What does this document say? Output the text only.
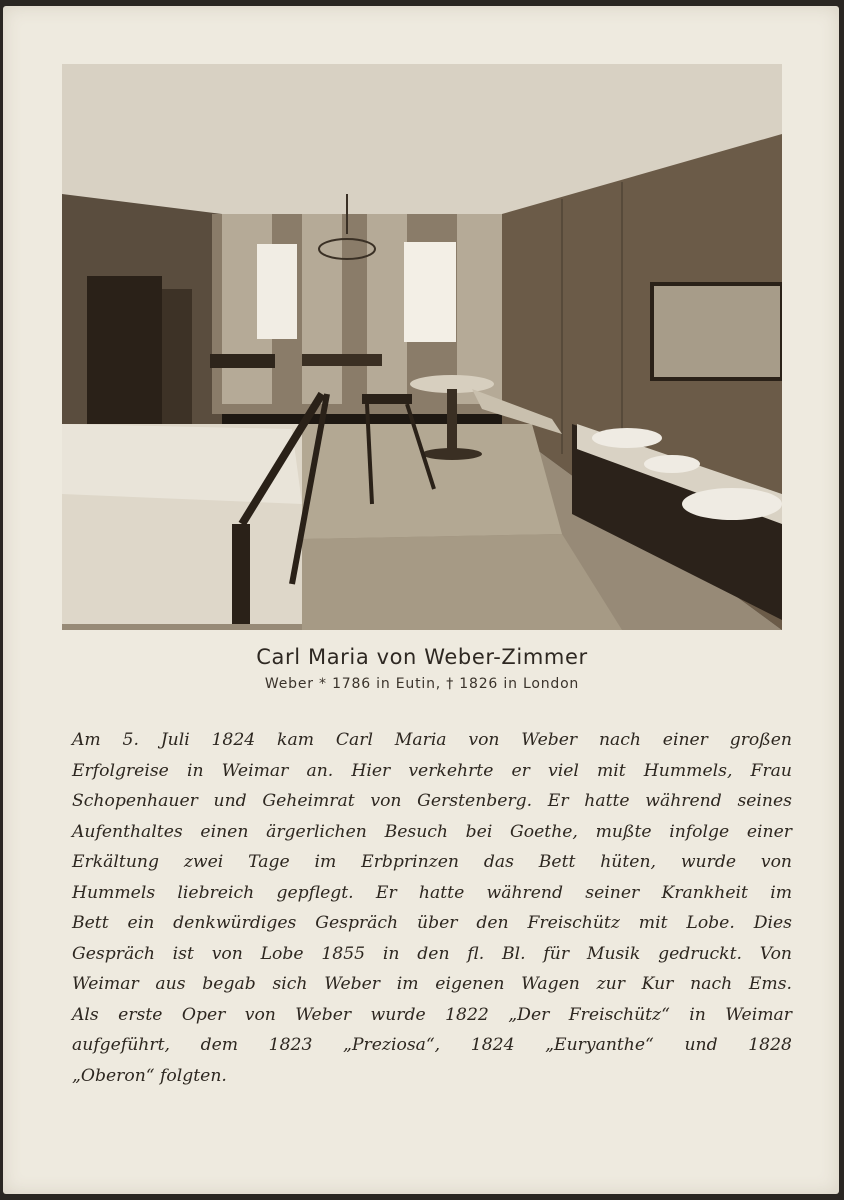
Carl Maria von Weber-Zimmer
Weber * 1786 in Eutin, † 1826 in London
Am 5. Juli 1824 kam Carl Maria von Weber nach einer großen
Erfolgreise in Weimar an. Hier verkehrte er viel mit Hummels, Frau
Schopenhauer und Geheimrat von Gerstenberg. Er hatte während seines
Aufenthaltes einen ärgerlichen Besuch bei Goethe, mußte infolge einer
Erkältung zwei Tage im Erbprinzen das Bett hüten, wurde von
Hummels liebreich gepflegt. Er hatte während seiner Krankheit im
Bett ein denkwürdiges Gespräch über den Freischütz mit Lobe. Dies
Gespräch ist von Lobe 1855 in den fl. Bl. für Musik gedruckt. Von
Weimar aus begab sich Weber im eigenen Wagen zur Kur nach Ems.
Als erste Oper von Weber wurde 1822 „Der Freischütz“ in Weimar
aufgeführt, dem 1823 „Preziosa“, 1824 „Euryanthe“ und 1828
„Oberon“ folgten.
